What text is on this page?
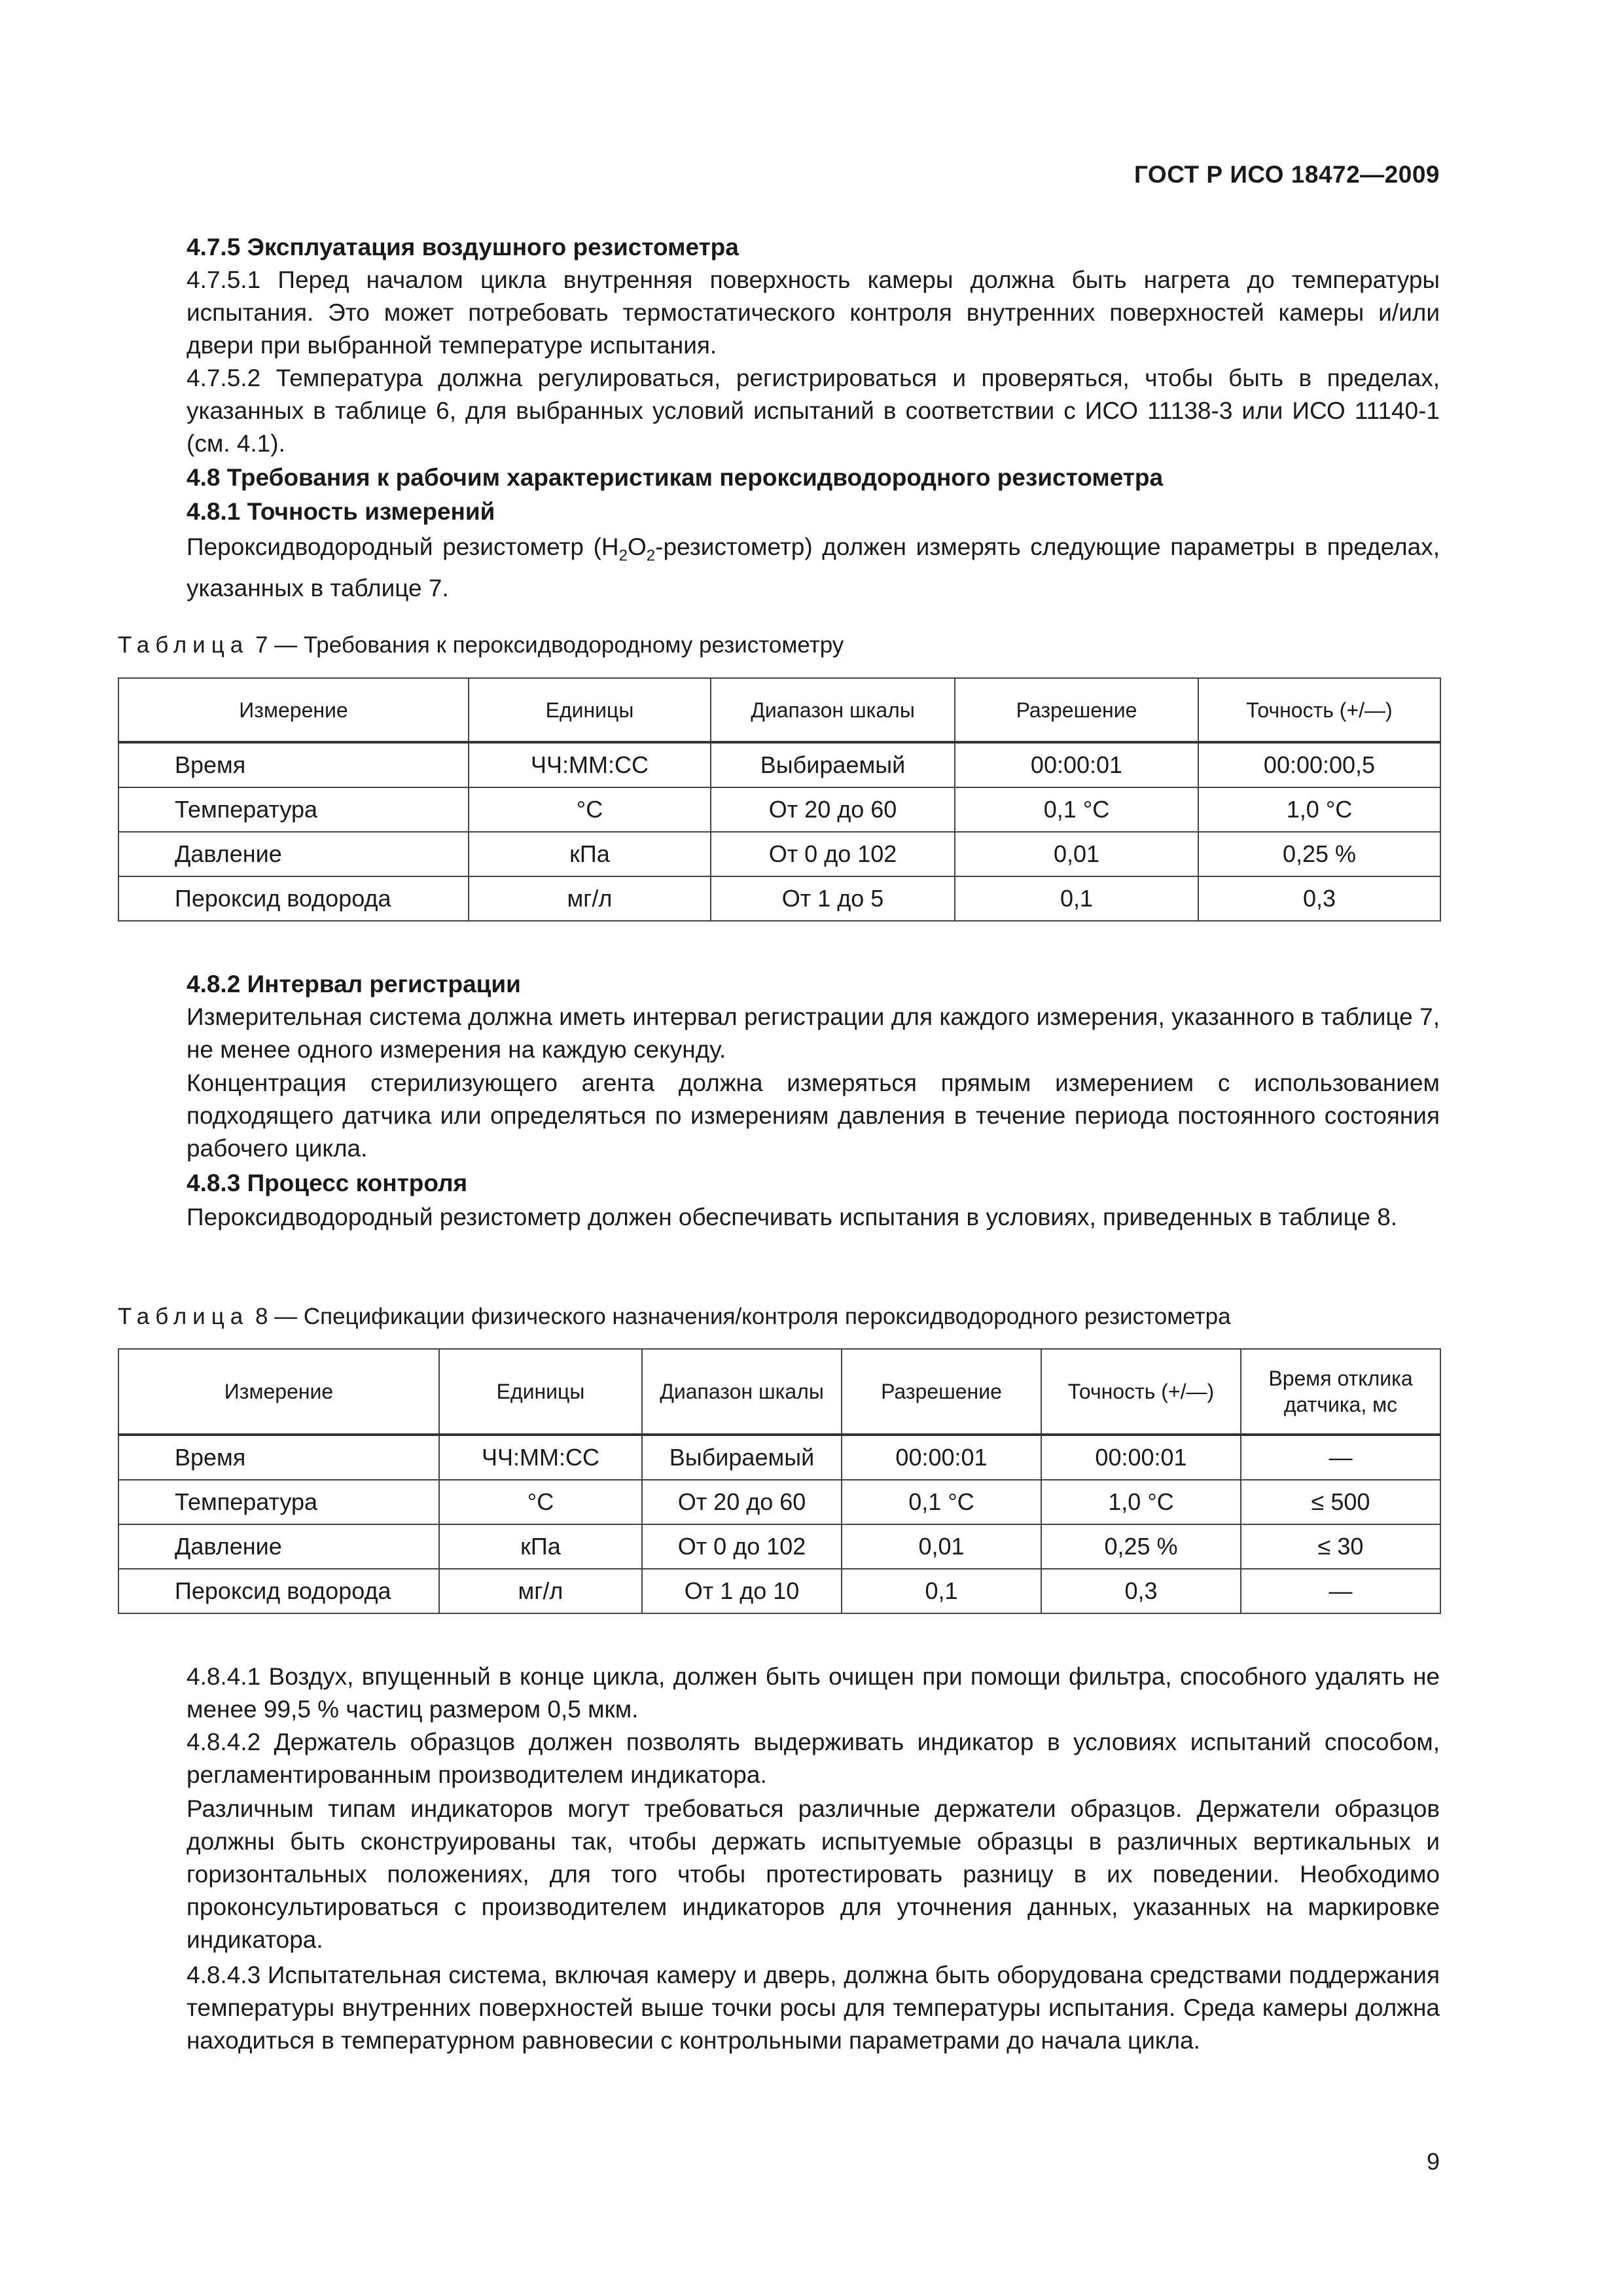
ГОСТ Р ИСО 18472—2009
4.7.5 Эксплуатация воздушного резистометра
4.7.5.1 Перед началом цикла внутренняя поверхность камеры должна быть нагрета до температуры испытания. Это может потребовать термостатического контроля внутренних поверхностей камеры и/или двери при выбранной температуре испытания.
4.7.5.2 Температура должна регулироваться, регистрироваться и проверяться, чтобы быть в пределах, указанных в таблице 6, для выбранных условий испытаний в соответствии с ИСО 11138-3 или ИСО 11140-1 (см. 4.1).
4.8 Требования к рабочим характеристикам пероксидводородного резистометра
4.8.1 Точность измерений
Пероксидводородный резистометр $(H_2O_2-резистометр)$ должен измерять следующие параметры в пределах, указанных в таблице 7.
Таблица 7 — Требования к пероксидводородному резистометру
Измерение	Единицы	Диапазон шкалы	Разрешение	Точность (+/—)
Время	ЧЧ:ММ:СС	Выбираемый	00:00:01	00:00:00,5
Температура	°С	От 20 до 60	0,1 °С	1,0 °С
Давление	кПа	От 0 до 102	0,01	0,25 %
Пероксид водорода	мг/л	От 1 до 5	0,1	0,3
4.8.2 Интервал регистрации
Измерительная система должна иметь интервал регистрации для каждого измерения, указанного в таблице 7, не менее одного измерения на каждую секунду.
Концентрация стерилизующего агента должна измеряться прямым измерением с использованием подходящего датчика или определяться по измерениям давления в течение периода постоянного состояния рабочего цикла.
4.8.3 Процесс контроля
Пероксидводородный резистометр должен обеспечивать испытания в условиях, приведенных в таблице 8.
Таблица 8 — Спецификации физического назначения/контроля пероксидводородного резистометра
Измерение	Единицы	Диапазон шкалы	Разрешение	Точность (+/—)	Время отклика датчика, мс
Время	ЧЧ:ММ:СС	Выбираемый	00:00:01	00:00:01	—
Температура	°С	От 20 до 60	0,1 °С	1,0 °С	≤ 500
Давление	кПа	От 0 до 102	0,01	0,25 %	≤ 30
Пероксид водорода	мг/л	От 1 до 10	0,1	0,3	—
4.8.4.1 Воздух, впущенный в конце цикла, должен быть очищен при помощи фильтра, способного удалять не менее 99,5 % частиц размером 0,5 мкм.
4.8.4.2 Держатель образцов должен позволять выдерживать индикатор в условиях испытаний способом, регламентированным производителем индикатора.
Различным типам индикаторов могут требоваться различные держатели образцов. Держатели образцов должны быть сконструированы так, чтобы держать испытуемые образцы в различных вертикальных и горизонтальных положениях, для того чтобы протестировать разницу в их поведении. Необходимо проконсультироваться с производителем индикаторов для уточнения данных, указанных на маркировке индикатора.
4.8.4.3 Испытательная система, включая камеру и дверь, должна быть оборудована средствами поддержания температуры внутренних поверхностей выше точки росы для температуры испытания. Среда камеры должна находиться в температурном равновесии с контрольными параметрами до начала цикла.
9
